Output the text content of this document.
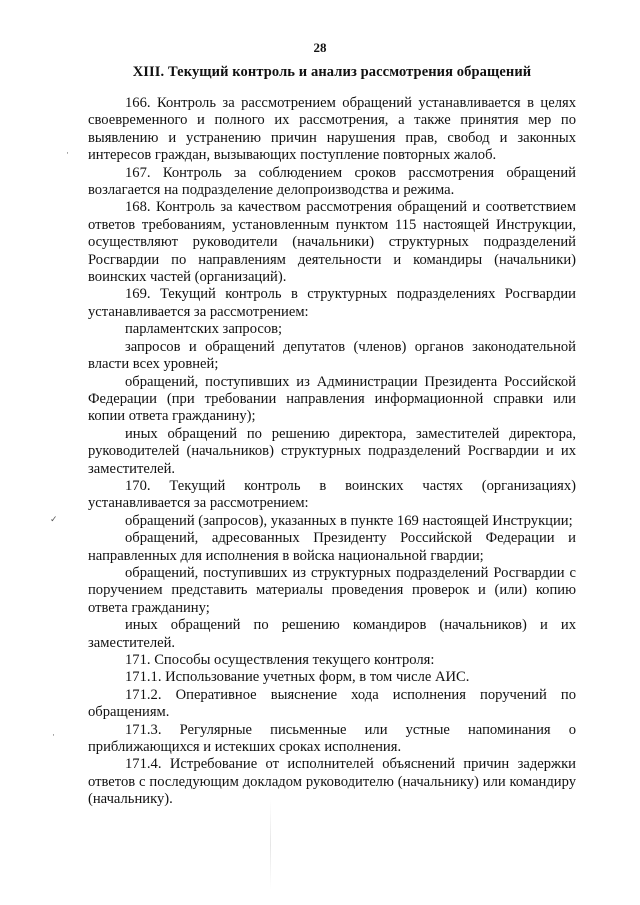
28
XIII. Текущий контроль и анализ рассмотрения обращений

166. Контроль за рассмотрением обращений устанавливается в целях своевременного и полного их рассмотрения, а также принятия мер по выявлению и устранению причин нарушения прав, свобод и законных интересов граждан, вызывающих поступление повторных жалоб.

167. Контроль за соблюдением сроков рассмотрения обращений возлагается на подразделение делопроизводства и режима.

168. Контроль за качеством рассмотрения обращений и соответствием ответов требованиям, установленным пунктом 115 настоящей Инструкции, осуществляют руководители (начальники) структурных подразделений Росгвардии по направлениям деятельности и командиры (начальники) воинских частей (организаций).

169. Текущий контроль в структурных подразделениях Росгвардии устанавливается за рассмотрением:

парламентских запросов;

запросов и обращений депутатов (членов) органов законодательной власти всех уровней;

обращений, поступивших из Администрации Президента Российской Федерации (при требовании направления информационной справки или копии ответа гражданину);

иных обращений по решению директора, заместителей директора, руководителей (начальников) структурных подразделений Росгвардии и их заместителей.

170. Текущий контроль в воинских частях (организациях) устанавливается за рассмотрением:

обращений (запросов), указанных в пункте 169 настоящей Инструкции;

обращений, адресованных Президенту Российской Федерации и направленных для исполнения в войска национальной гвардии;

обращений, поступивших из структурных подразделений Росгвардии с поручением представить материалы проведения проверок и (или) копию ответа гражданину;

иных обращений по решению командиров (начальников) и их заместителей.

171. Способы осуществления текущего контроля:

171.1. Использование учетных форм, в том числе АИС.

171.2. Оперативное выяснение хода исполнения поручений по обращениям.

171.3. Регулярные письменные или устные напоминания о приближающихся и истекших сроках исполнения.

171.4. Истребование от исполнителей объяснений причин задержки ответов с последующим докладом руководителю (начальнику) или командиру (начальнику).

·
✓
·
